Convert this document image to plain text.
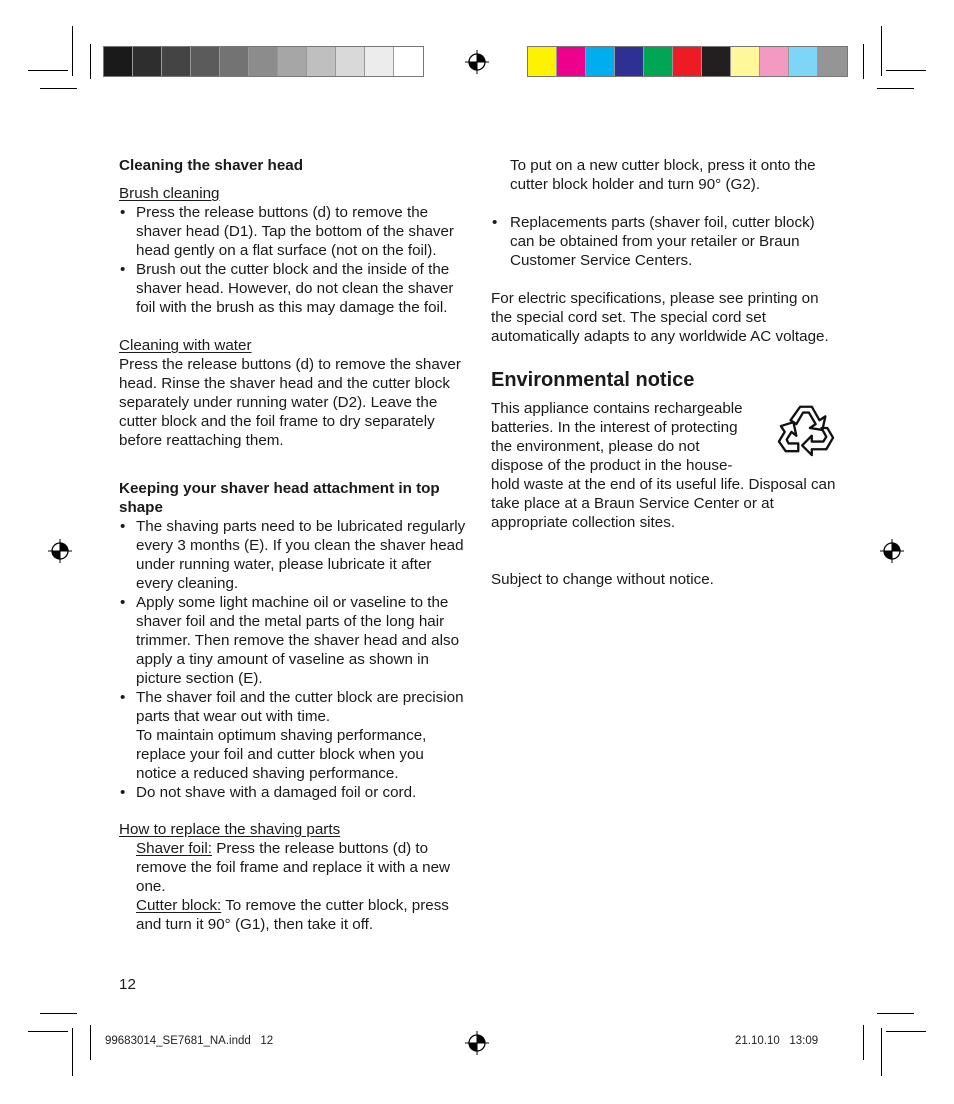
Cleaning the shaver head

Brush cleaning

• Press the release buttons (d) to remove the shaver head (D1). Tap the bottom of the shaver head gently on a flat surface (not on the foil).

• Brush out the cutter block and the inside of the shaver head. However, do not clean the shaver foil with the brush as this may damage the foil.

Cleaning with water

Press the release buttons (d) to remove the shaver head. Rinse the shaver head and the cutter block separately under running water (D2). Leave the cutter block and the foil frame to dry separately before reattaching them.

Keeping your shaver head attachment in top shape

• The shaving parts need to be lubricated regularly every 3 months (E). If you clean the shaver head under running water, please lubricate it after every cleaning.

• Apply some light machine oil or vaseline to the shaver foil and the metal parts of the long hair trimmer. Then remove the shaver head and also apply a tiny amount of vaseline as shown in picture section (E).

• The shaver foil and the cutter block are precision parts that wear out with time.

To maintain optimum shaving performance, replace your foil and cutter block when you notice a reduced shaving performance.

• Do not shave with a damaged foil or cord.

How to replace the shaving parts

Shaver foil: Press the release buttons (d) to remove the foil frame and replace it with a new one.

Cutter block: To remove the cutter block, press and turn it 90° (G1), then take it off.

12

To put on a new cutter block, press it onto the cutter block holder and turn 90° (G2).

• Replacements parts (shaver foil, cutter block) can be obtained from your retailer or Braun Customer Service Centers.

For electric specifications, please see printing on the special cord set. The special cord set automatically adapts to any worldwide AC voltage.

Environmental notice

This appliance contains rechargeable

batteries. In the interest of protecting

the environment, please do not

dispose of the product in the house-

hold waste at the end of its useful life. Disposal can take place at a Braun Service Center or at appropriate collection sites.

Subject to change without notice.

99683014_SE7681_NA.indd   12	21.10.10   13:09
